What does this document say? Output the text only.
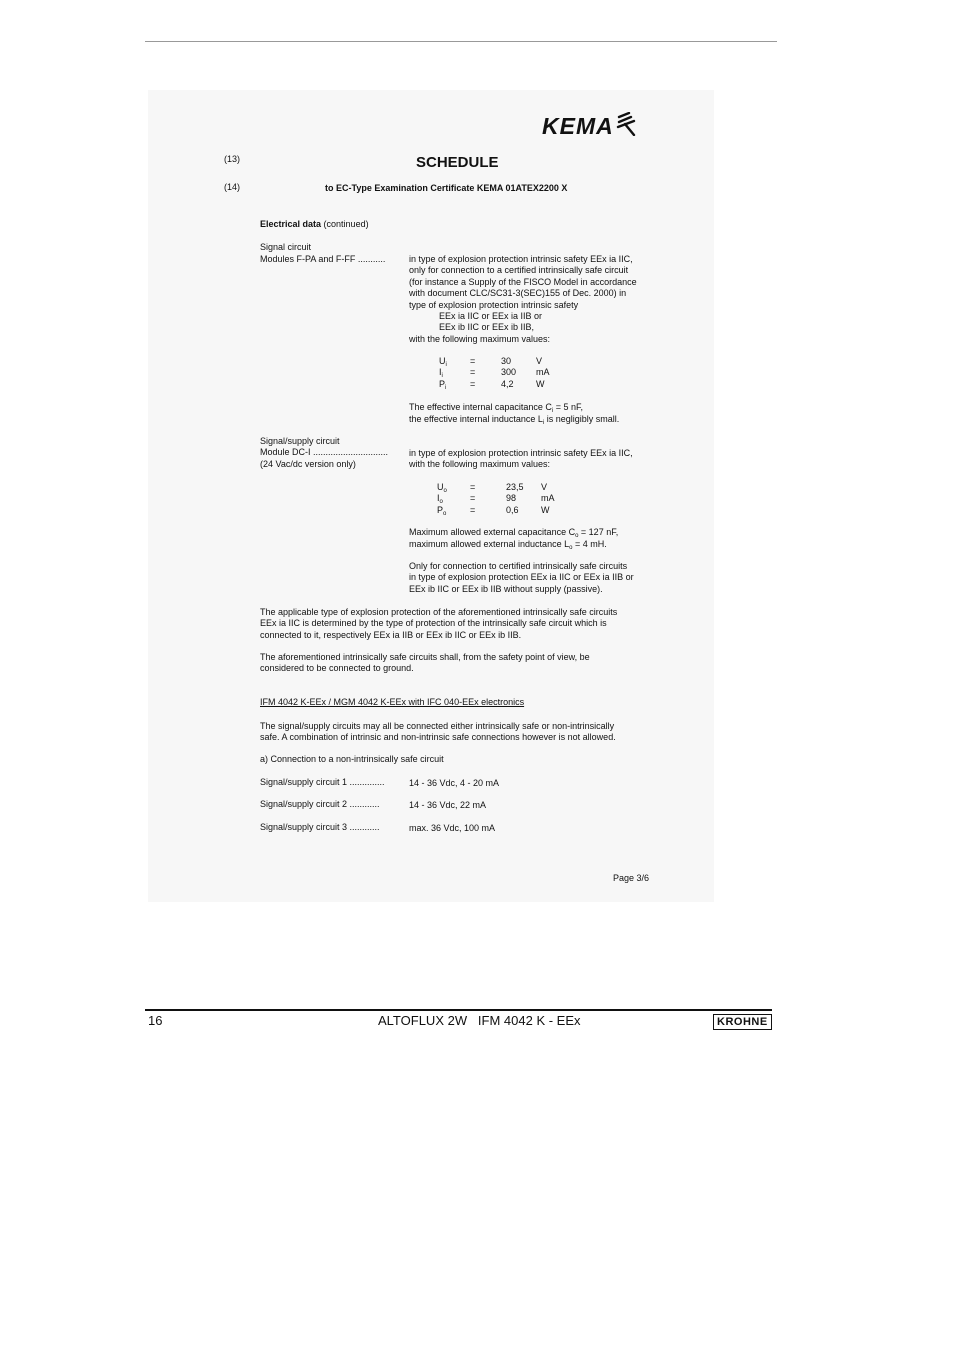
KEMA
(13)	SCHEDULE
(14)	to EC-Type Examination Certificate KEMA 01ATEX2200 X
Electrical data (continued)
Signal circuit
Modules F-PA and F-FF ...........	in type of explosion protection intrinsic safety EEx ia IIC,
only for connection to a certified intrinsically safe circuit
(for instance a Supply of the FISCO Model in accordance
with document CLC/SC31-3(SEC)155 of Dec. 2000) in
type of explosion protection intrinsic safety
EEx ia IIC or EEx ia IIB or
EEx ib IIC or EEx ib IIB,
with the following maximum values:
$U_i$	=	30	V
$I_i$	=	300 mA
$P_i$	=	4,2 W
The effective internal capacitance $C_i = 5$ nF,
the effective internal inductance $L_i$ is negligibly small.
Signal/supply circuit
Module DC-I ..............................
(24 Vac/dc version only)
in type of explosion protection intrinsic safety EEx ia IIC,
with the following maximum values:
$U_o$	=	23,5 V
$I_o$	=	98	mA
$P_o$	=	0,6 W
Maximum allowed external capacitance $C_o = 127$ nF,
maximum allowed external inductance $L_o = 4$ mH.
Only for connection to certified intrinsically safe circuits
in type of explosion protection EEx ia IIC or EEx ia IIB or
EEx ib IIC or EEx ib IIB without supply (passive).
The applicable type of explosion protection of the aforementioned intrinsically safe circuits
EEx ia IIC is determined by the type of protection of the intrinsically safe circuit which is
connected to it, respectively EEx ia IIB or EEx ib IIC or EEx ib IIB.
The aforementioned intrinsically safe circuits shall, from the safety point of view, be
considered to be connected to ground.
IFM 4042 K-EEx / MGM 4042 K-EEx with IFC 040-EEx electronics
The signal/supply circuits may all be connected either intrinsically safe or non-intrinsically
safe. A combination of intrinsic and non-intrinsic safe connections however is not allowed.
a) Connection to a non-intrinsically safe circuit
Signal/supply circuit 1 ..............	14 - 36 Vdc, 4 - 20 mA
Signal/supply circuit 2 ............	14 - 36 Vdc, 22 mA
Signal/supply circuit 3 ............	max. 36 Vdc, 100 mA
Page 3/6
16	ALTOFLUX 2W   IFM 4042 K - EEx	KROHNE
